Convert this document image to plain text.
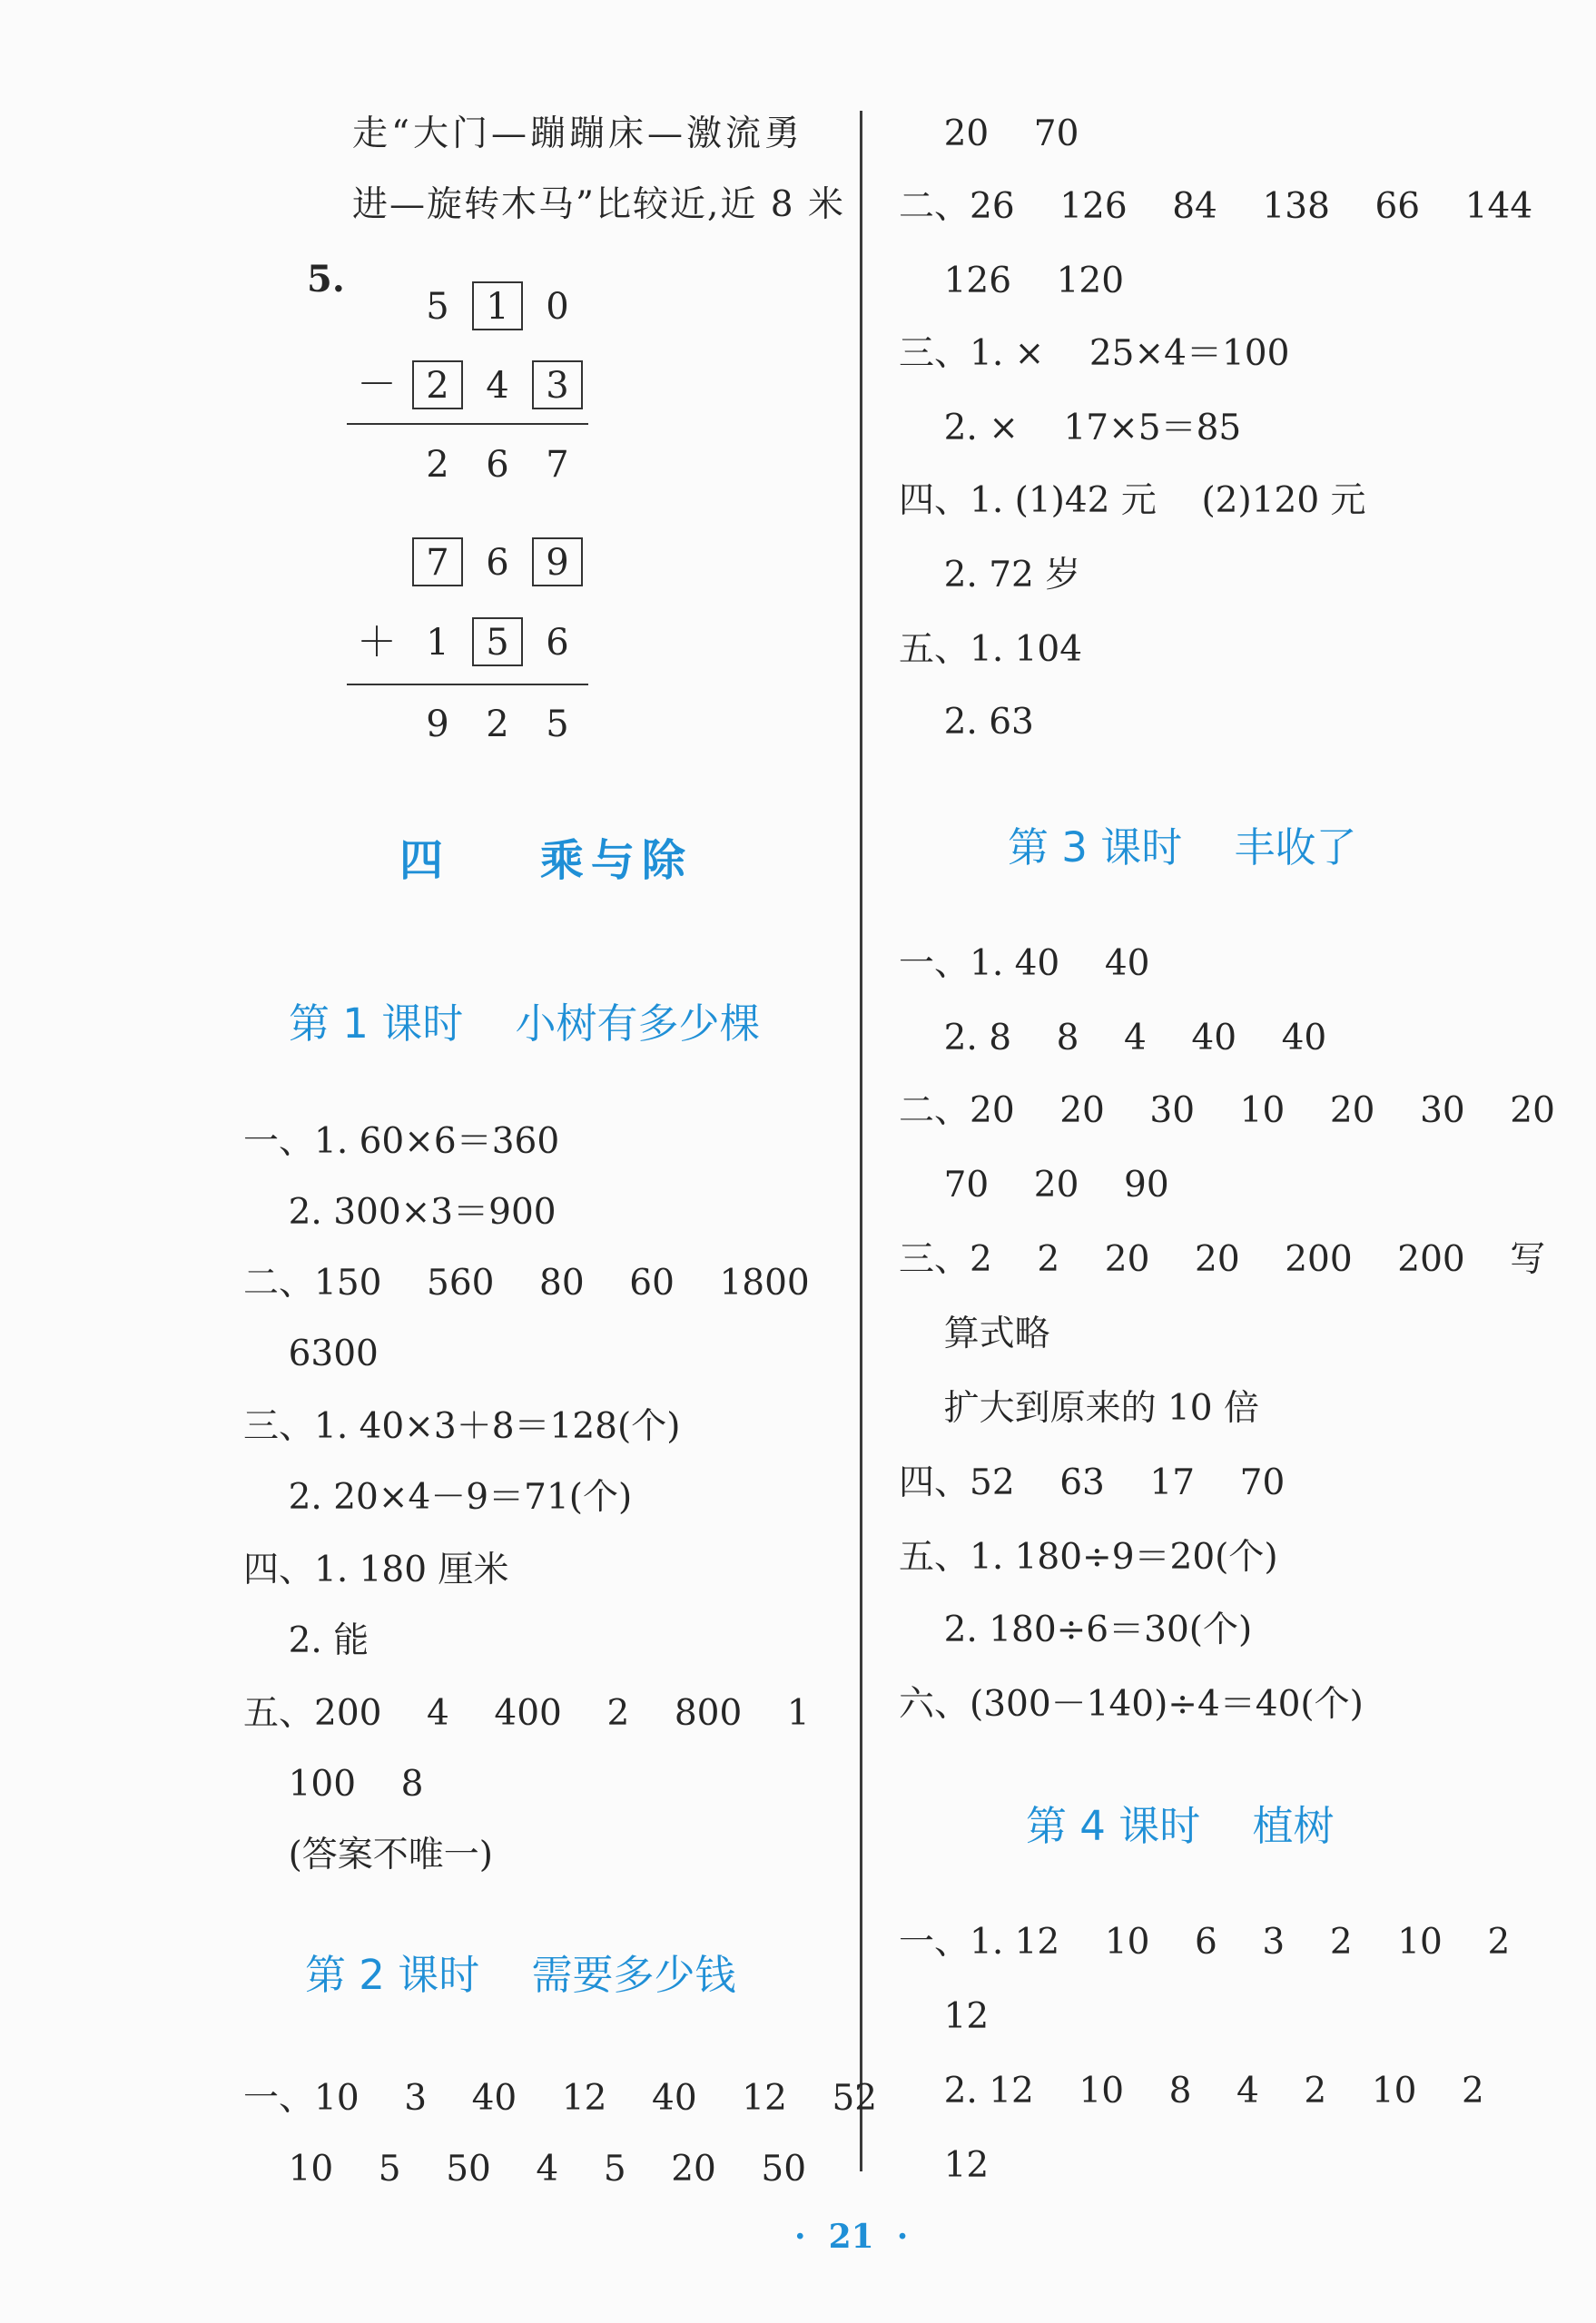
走“大门—蹦蹦床—激流勇
进—旋转木马”比较近,近 8 米
5.
5	1	0
－ 2	4	3
2	6	7
7	6	9
＋ 1	5	6
9	2	5
四    乘与除
第 1 课时    小树有多少棵
一、1. 60×6＝360
2. 300×3＝900
二、150    560    80    60    1800
6300
三、1. 40×3＋8＝128(个)
2. 20×4－9＝71(个)
四、1. 180 厘米
2. 能
五、200    4    400    2    800    1
100    8
(答案不唯一)
第 2 课时    需要多少钱
一、10    3    40    12    40    12    52
10    5    50    4    5    20    50
20    70
二、26    126    84    138    66    144
126    120
三、1. ×    25×4＝100
2. ×    17×5＝85
四、1. (1)42 元    (2)120 元
2. 72 岁
五、1. 104
2. 63
第 3 课时    丰收了
一、1. 40    40
2. 8    8    4    40    40
二、20    20    30    10    20    30    20
70    20    90
三、2    2    20    20    200    200    写
算式略
扩大到原来的 10 倍
四、52    63    17    70
五、1. 180÷9＝20(个)
2. 180÷6＝30(个)
六、(300－140)÷4＝40(个)
第 4 课时    植树
一、1. 12    10    6    3    2    10    2
12
2. 12    10    8    4    2    10    2
12
·  21  ·
